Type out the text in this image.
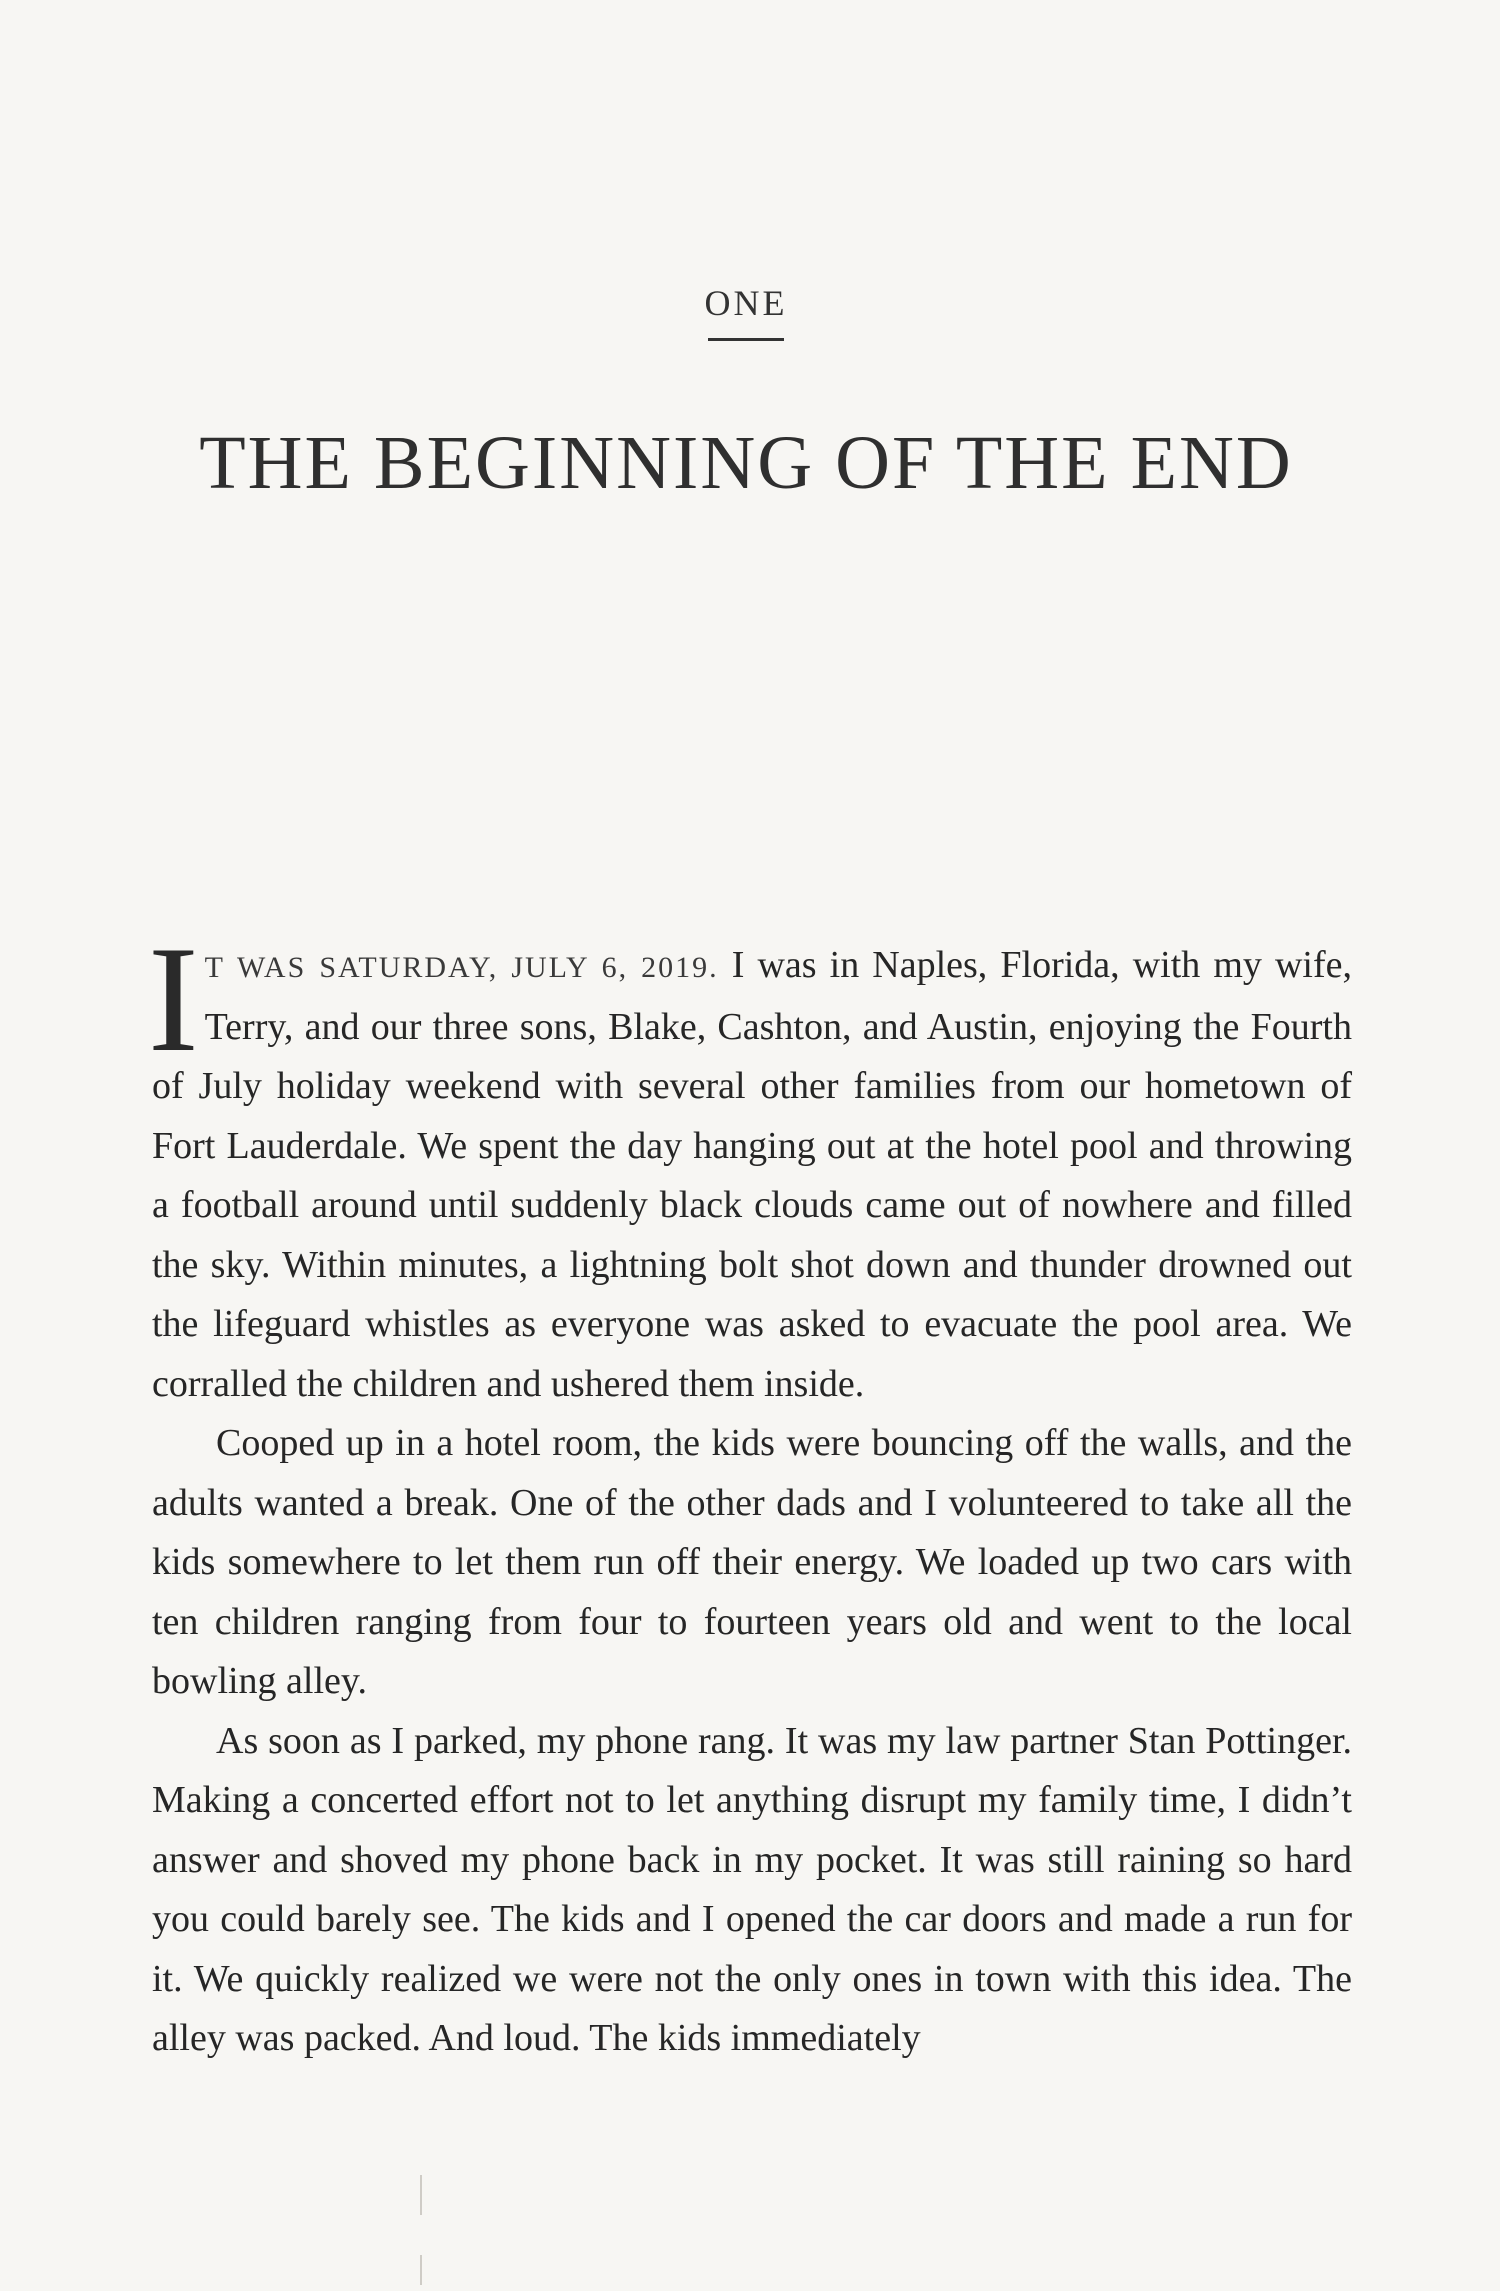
ONE
THE BEGINNING OF THE END

I T WAS SATURDAY, JULY 6, 2019. I was in Naples, Florida, with my wife, Terry, and our three sons, Blake, Cashton, and Austin, enjoying the Fourth of July holiday weekend with several other families from our hometown of Fort Lauderdale. We spent the day hanging out at the hotel pool and throwing a football around until suddenly black clouds came out of nowhere and filled the sky. Within minutes, a lightning bolt shot down and thunder drowned out the lifeguard whistles as everyone was asked to evacuate the pool area. We corralled the children and ushered them inside.

Cooped up in a hotel room, the kids were bouncing off the walls, and the adults wanted a break. One of the other dads and I volunteered to take all the kids somewhere to let them run off their energy. We loaded up two cars with ten children ranging from four to fourteen years old and went to the local bowling alley.

As soon as I parked, my phone rang. It was my law partner Stan Pottinger. Making a concerted effort not to let anything disrupt my family time, I didn’t answer and shoved my phone back in my pocket. It was still raining so hard you could barely see. The kids and I opened the car doors and made a run for it. We quickly realized we were not the only ones in town with this idea. The alley was packed. And loud. The kids immediately
